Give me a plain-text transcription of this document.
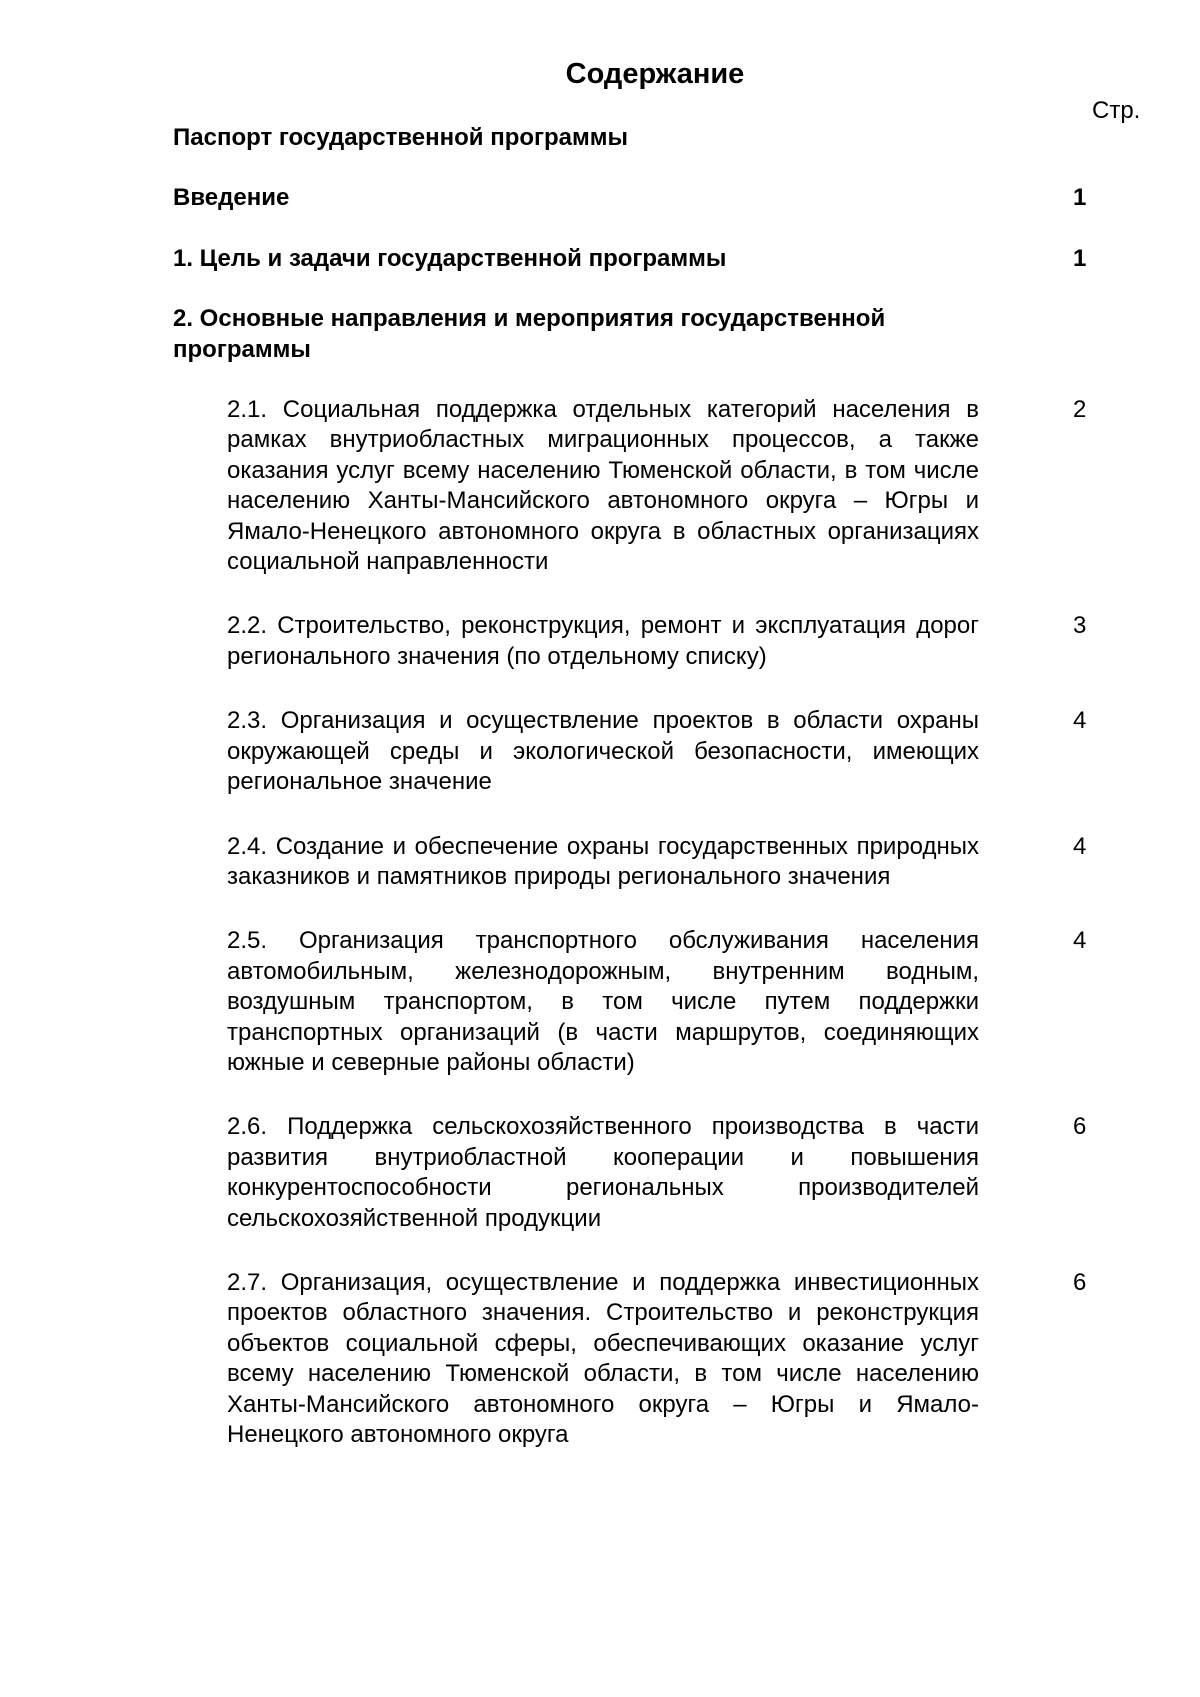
Содержание
Стр.
Паспорт государственной программы
Введение	1
1. Цель и задачи государственной программы	1
2. Основные направления и мероприятия государственной программы
2.1. Социальная поддержка отдельных категорий населения в рамках внутриобластных миграционных процессов, а также оказания услуг всему населению Тюменской области, в том числе населению Ханты-Мансийского автономного округа – Югры и Ямало-Ненецкого автономного округа в областных организациях социальной направленности
2
2.2. Строительство, реконструкция, ремонт и эксплуатация дорог регионального значения (по отдельному списку)
3
2.3. Организация и осуществление проектов в области охраны окружающей среды и экологической безопасности, имеющих региональное значение
4
2.4. Создание и обеспечение охраны государственных природных заказников и памятников природы регионального значения
4
2.5. Организация транспортного обслуживания населения автомобильным, железнодорожным, внутренним водным, воздушным транспортом, в том числе путем поддержки транспортных организаций (в части маршрутов, соединяющих южные и северные районы области)
4
2.6. Поддержка сельскохозяйственного производства в части развития внутриобластной кооперации и повышения конкурентоспособности региональных производителей сельскохозяйственной продукции
6
2.7. Организация, осуществление и поддержка инвестиционных проектов областного значения. Строительство и реконструкция объектов социальной сферы, обеспечивающих оказание услуг всему населению Тюменской области, в том числе населению Ханты-Мансийского автономного округа – Югры и Ямало-Ненецкого автономного округа
6
